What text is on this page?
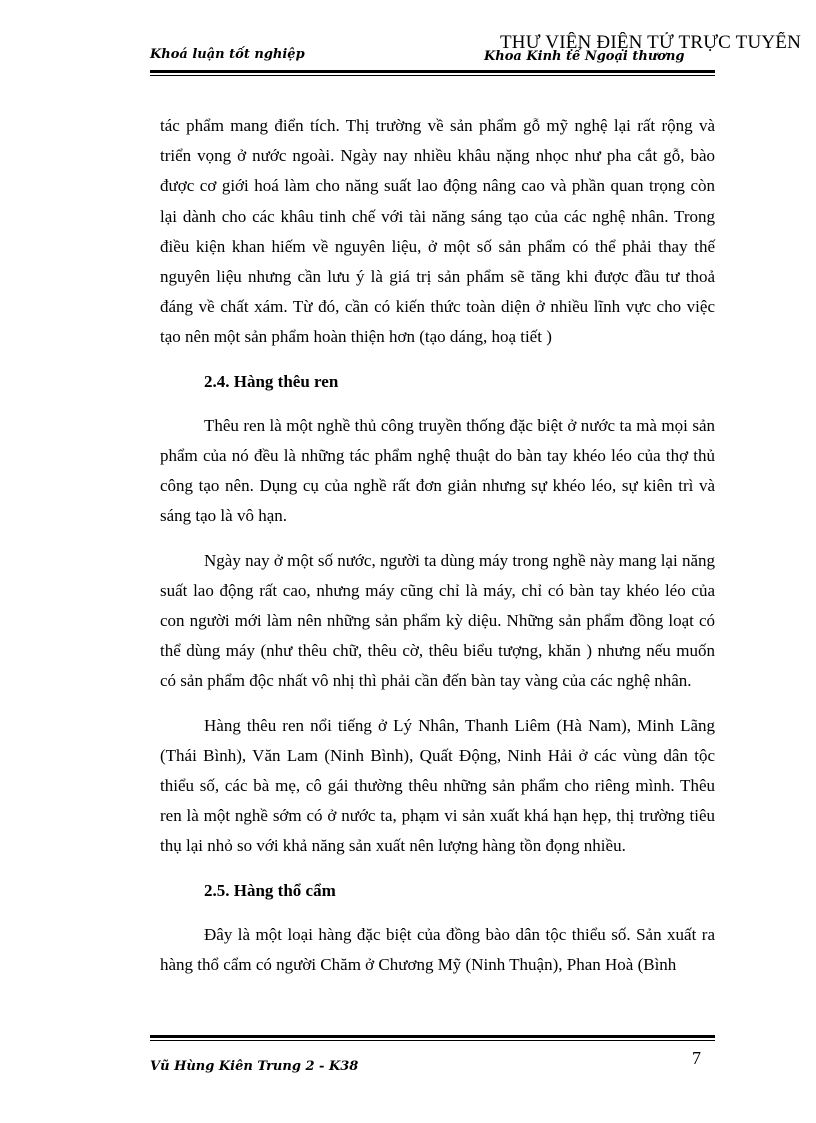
Khoá luận tốt nghiệp	Khoa Kinh tế Ngoại thương
THƯ VIỆN ĐIỆN TỬ TRỰC TUYẾN

tác phẩm mang điển tích. Thị trường về sản phẩm gỗ mỹ nghệ lại rất rộng và triển vọng ở nước ngoài. Ngày nay nhiều khâu nặng nhọc như pha cắt gỗ, bào được cơ giới hoá làm cho năng suất lao động nâng cao và phần quan trọng còn lại dành cho các khâu tinh chế với tài năng sáng tạo của các nghệ nhân. Trong điều kiện khan hiếm về nguyên liệu, ở một số sản phẩm có thể phải thay thế nguyên liệu nhưng cần lưu ý là giá trị sản phẩm sẽ tăng khi được đầu tư thoả đáng về chất xám. Từ đó, cần có kiến thức toàn diện ở nhiều lĩnh vực cho việc tạo nên một sản phẩm hoàn thiện hơn (tạo dáng, hoạ tiết )

2.4. Hàng thêu ren

Thêu ren là một nghề thủ công truyền thống đặc biệt ở nước ta mà mọi sản phẩm của nó đều là những tác phẩm nghệ thuật do bàn tay khéo léo của thợ thủ công tạo nên. Dụng cụ của nghề rất đơn giản nhưng sự khéo léo, sự kiên trì và sáng tạo là vô hạn.

Ngày nay ở một số nước, người ta dùng máy trong nghề này mang lại năng suất lao động rất cao, nhưng máy cũng chỉ là máy, chỉ có bàn tay khéo léo của con người mới làm nên những sản phẩm kỳ diệu. Những sản phẩm đồng loạt có thể dùng máy (như thêu chữ, thêu cờ, thêu biểu tượng, khăn ) nhưng nếu muốn có sản phẩm độc nhất vô nhị thì phải cần đến bàn tay vàng của các nghệ nhân.

Hàng thêu ren nổi tiếng ở Lý Nhân, Thanh Liêm (Hà Nam), Minh Lãng (Thái Bình), Văn Lam (Ninh Bình), Quất Động, Ninh Hải ở các vùng dân tộc thiểu số, các bà mẹ, cô gái thường thêu những sản phẩm cho riêng mình. Thêu ren là một nghề sớm có ở nước ta, phạm vi sản xuất khá hạn hẹp, thị trường tiêu thụ lại nhỏ so với khả năng sản xuất nên lượng hàng tồn đọng nhiều.

2.5. Hàng thổ cẩm

Đây là một loại hàng đặc biệt của đồng bào dân tộc thiểu số. Sản xuất ra hàng thổ cẩm có người Chăm ở Chương Mỹ (Ninh Thuận), Phan Hoà (Bình

7
Vũ Hùng Kiên Trung 2 - K38
